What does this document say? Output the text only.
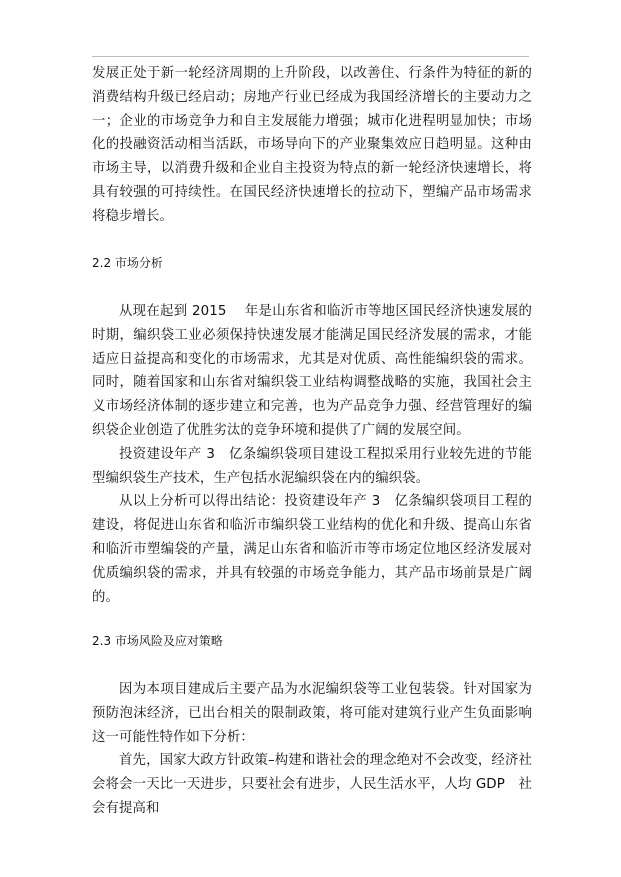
发展正处于新一轮经济周期的上升阶段，以改善住、行条件为特征的新的消费结构升级已经启动；房地产行业已经成为我国经济增长的主要动力之一；企业的市场竞争力和自主发展能力增强；城市化进程明显加快；市场化的投融资活动相当活跃，市场导向下的产业聚集效应日趋明显。这种由市场主导，以消费升级和企业自主投资为特点的新一轮经济快速增长，将具有较强的可持续性。在国民经济快速增长的拉动下，塑编产品市场需求将稳步增长。

2.2 市场分析

从现在起到 2015　 年是山东省和临沂市等地区国民经济快速发展的时期，编织袋工业必须保持快速发展才能满足国民经济发展的需求，才能适应日益提高和变化的市场需求，尤其是对优质、高性能编织袋的需求。同时，随着国家和山东省对编织袋工业结构调整战略的实施，我国社会主义市场经济体制的逐步建立和完善，也为产品竞争力强、经营管理好的编织袋企业创造了优胜劣汰的竞争环境和提供了广阔的发展空间。

投资建设年产 3　亿条编织袋项目建设工程拟采用行业较先进的节能型编织袋生产技术，生产包括水泥编织袋在内的编织袋。

从以上分析可以得出结论：投资建设年产 3　亿条编织袋项目工程的建设，将促进山东省和临沂市编织袋工业结构的优化和升级、提高山东省和临沂市塑编袋的产量，满足山东省和临沂市等市场定位地区经济发展对优质编织袋的需求，并具有较强的市场竞争能力，其产品市场前景是广阔的。

2.3 市场风险及应对策略

因为本项目建成后主要产品为水泥编织袋等工业包装袋。针对国家为预防泡沫经济，已出台相关的限制政策，将可能对建筑行业产生负面影响这一可能性特作如下分析：

首先，国家大政方针政策–构建和谐社会的理念绝对不会改变，经济社会将会一天比一天进步，只要社会有进步，人民生活水平，人均 GDP　社会有提高和
